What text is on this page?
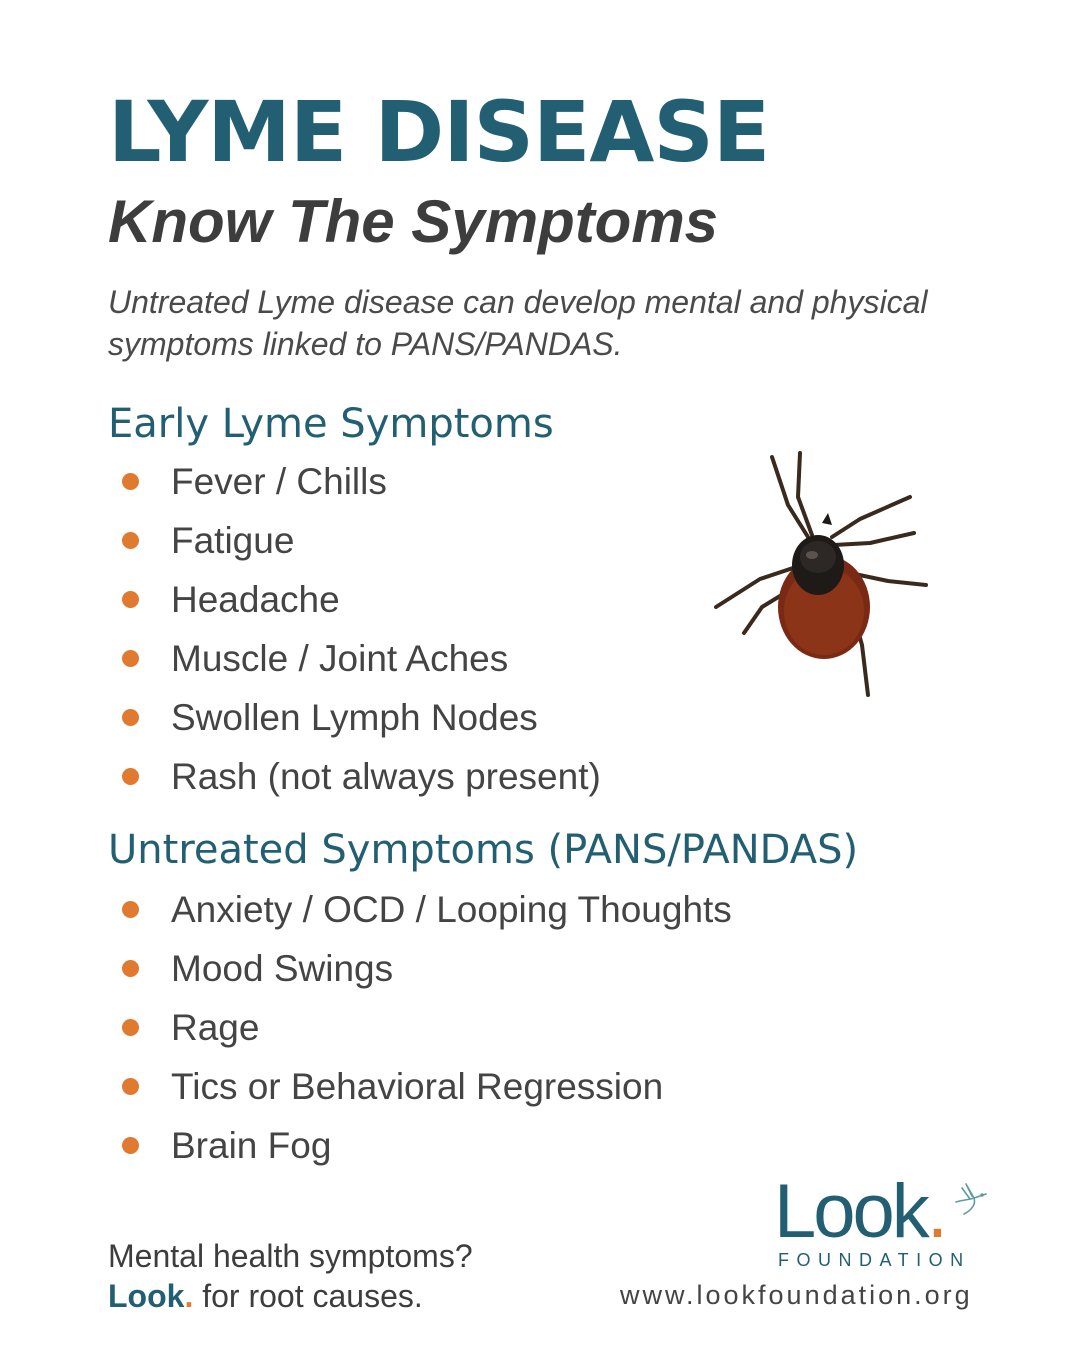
LYME DISEASE
Know The Symptoms

Untreated Lyme disease can develop mental and physical symptoms linked to PANS/PANDAS.

Early Lyme Symptoms
Fever / Chills
Fatigue
Headache
Muscle / Joint Aches
Swollen Lymph Nodes
Rash (not always present)
Untreated Symptoms (PANS/PANDAS)
Anxiety / OCD / Looping Thoughts
Mood Swings
Rage
Tics or Behavioral Regression
Brain Fog

Mental health symptoms?
Look. for root causes.

Look.
FOUNDATION

www.lookfoundation.org
